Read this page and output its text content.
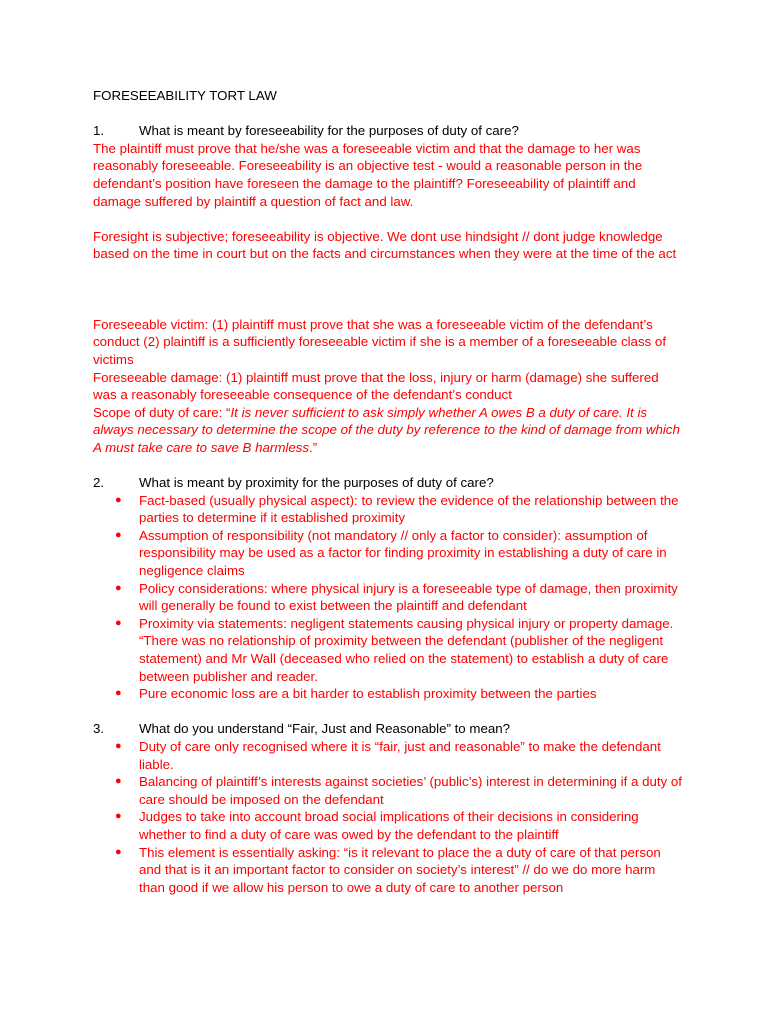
FORESEEABILITY TORT LAW
1.	What is meant by foreseeability for the purposes of duty of care?

The plaintiff must prove that he/she was a foreseeable victim and that the damage to her was reasonably foreseeable. Foreseeability is an objective test - would a reasonable person in the defendant’s position have foreseen the damage to the plaintiff? Foreseeability of plaintiff and damage suffered by plaintiff a question of fact and law.

Foresight is subjective; foreseeability is objective. We dont use hindsight // dont judge knowledge based on the time in court but on the facts and circumstances when they were at the time of the act

Foreseeable victim: (1) plaintiff must prove that she was a foreseeable victim of the defendant’s conduct (2) plaintiff is a sufficiently foreseeable victim if she is a member of a foreseeable class of victims

Foreseeable damage: (1) plaintiff must prove that the loss, injury or harm (damage) she suffered was a reasonably foreseeable consequence of the defendant’s conduct

Scope of duty of care: “It is never sufficient to ask simply whether A owes B a duty of care. It is always necessary to determine the scope of the duty by reference to the kind of damage from which A must take care to save B harmless.”

2.	What is meant by proximity for the purposes of duty of care?
● Fact-based (usually physical aspect): to review the evidence of the relationship between the parties to determine if it established proximity
● Assumption of responsibility (not mandatory // only a factor to consider): assumption of responsibility may be used as a factor for finding proximity in establishing a duty of care in negligence claims
● Policy considerations: where physical injury is a foreseeable type of damage, then proximity will generally be found to exist between the plaintiff and defendant
● Proximity via statements: negligent statements causing physical injury or property damage. “There was no relationship of proximity between the defendant (publisher of the negligent statement) and Mr Wall (deceased who relied on the statement) to establish a duty of care between publisher and reader.
● Pure economic loss are a bit harder to establish proximity between the parties
3.	What do you understand “Fair, Just and Reasonable” to mean?
● Duty of care only recognised where it is “fair, just and reasonable” to make the defendant liable.
● Balancing of plaintiff’s interests against societies’ (public’s) interest in determining if a duty of care should be imposed on the defendant
● Judges to take into account broad social implications of their decisions in considering whether to find a duty of care was owed by the defendant to the plaintiff
● This element is essentially asking: “is it relevant to place the a duty of care of that person and that is it an important factor to consider on society’s interest” // do we do more harm than good if we allow his person to owe a duty of care to another person
